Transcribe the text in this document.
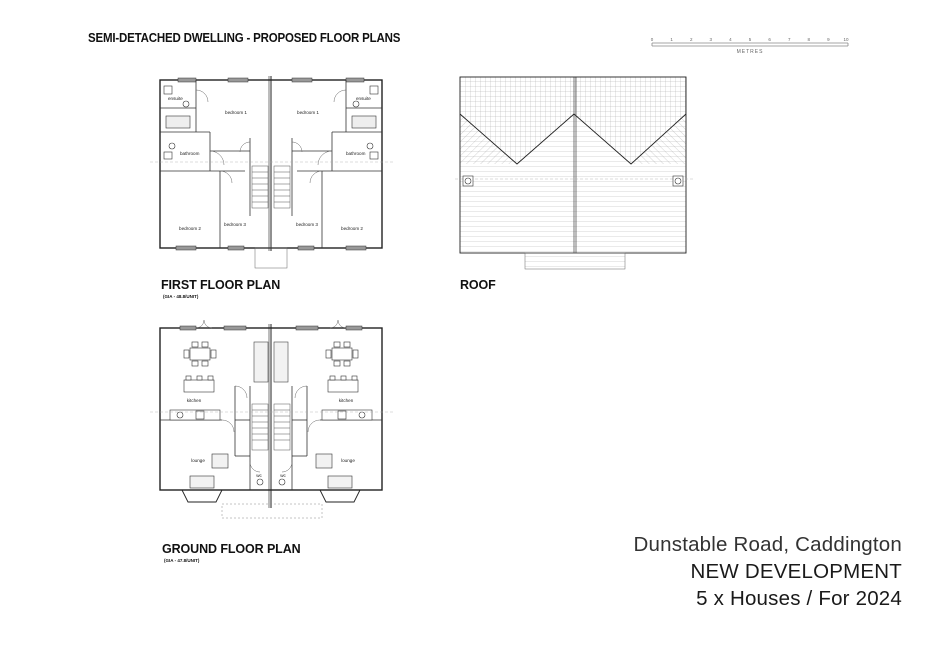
SEMI-DETACHED DWELLING - PROPOSED FLOOR PLANS	0	1	2	3	4	5	6	7	8	9	10
METRES
ensuite	ensuite
bedroom 1	bedroom 1
bathroom	bathroom
bedroom 2	bedroom 2
bedroom 3	bedroom 3
FIRST FLOOR PLAN
(GIA - 48.8/UNIT)
ROOF
kitchen	kitchen
lounge	lounge
wc	wc
GROUND FLOOR PLAN
(GIA - 47.8/UNIT)
Dunstable Road, Caddington
NEW DEVELOPMENT
5 x Houses / For 2024
